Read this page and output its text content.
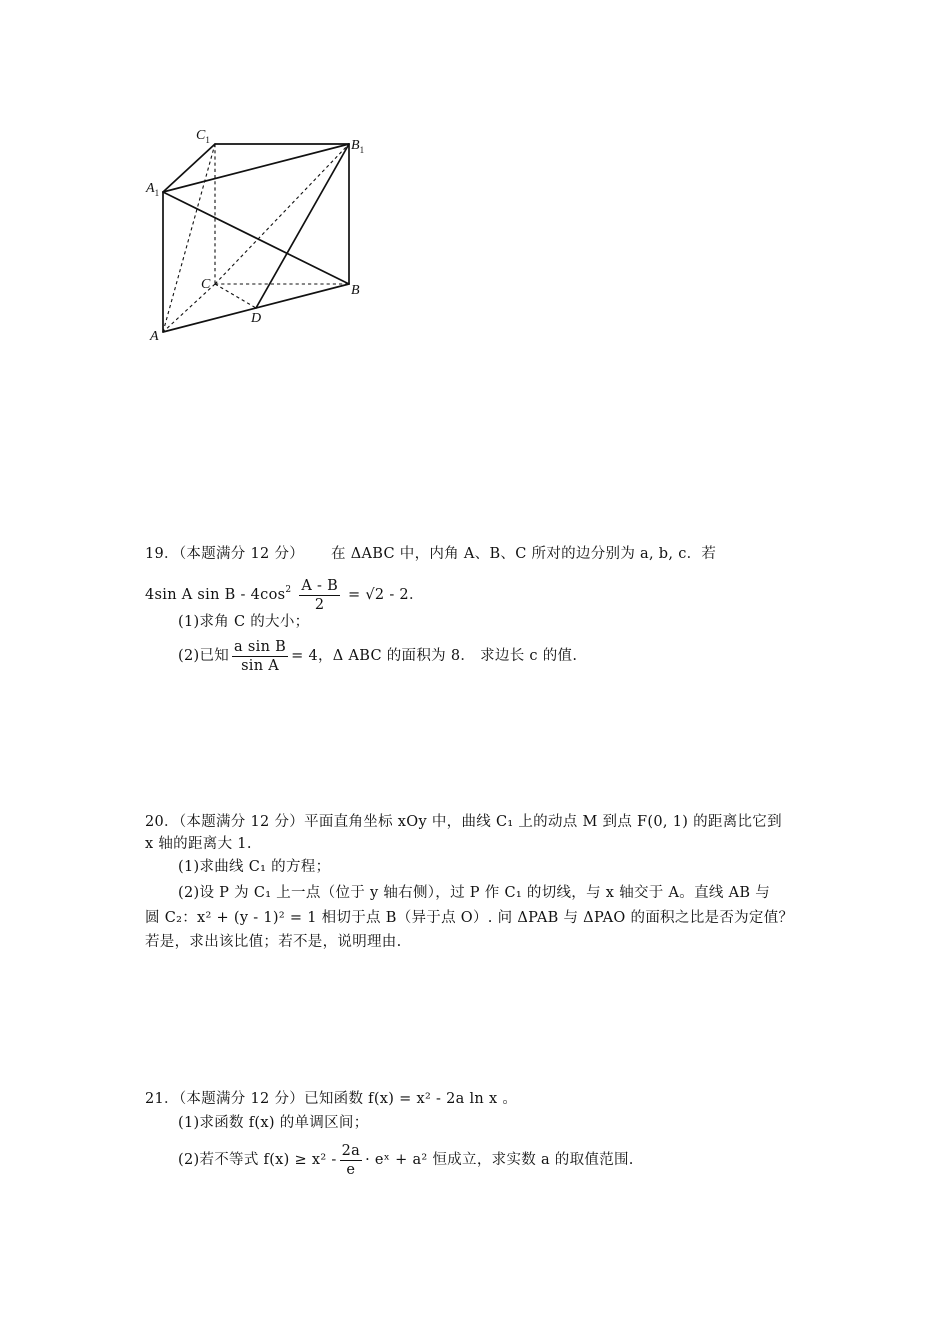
$C_1$	$B_1$
$A_1$
C	B
D
A
19．（本题满分 12 分） 在 ΔABC 中，内角 A、B、C 所对的边分别为 a, b, c．若
4sin A $\sin B - 4\cos^2 \frac{A - B}{2} = √2 - 2$．
(1)求角 C 的大小；
(2)已知 $\frac{\text{a sin B}}{\text{sin A}} = 4$，Δ ABC 的面积为 8． 求边长 c 的值.
20．（本题满分 12 分）平面直角坐标 xOy 中，曲线 C₁ 上的动点 M 到点 F(0, 1) 的距离比它到
x 轴的距离大 1.
(1)求曲线 C₁ 的方程；
(2)设 P 为 C₁ 上一点（位于 y 轴右侧），过 P 作 C₁ 的切线，与 x 轴交于 A。直线 AB 与
圆 C₂：x² + (y - 1)² = 1 相切于点 B（异于点 O）. 问 ΔPAB 与 ΔPAO 的面积之比是否为定值？
若是，求出该比值；若不是，说明理由.
21．（本题满分 12 分）已知函数 f(x) = x² - 2a ln x 。
(1)求函数 f(x) 的单调区间；
(2)若不等式 $f(x) \ge x^2 - \frac{2a}{e}$ · eˣ + a² 恒成立，求实数 a 的取值范围.
